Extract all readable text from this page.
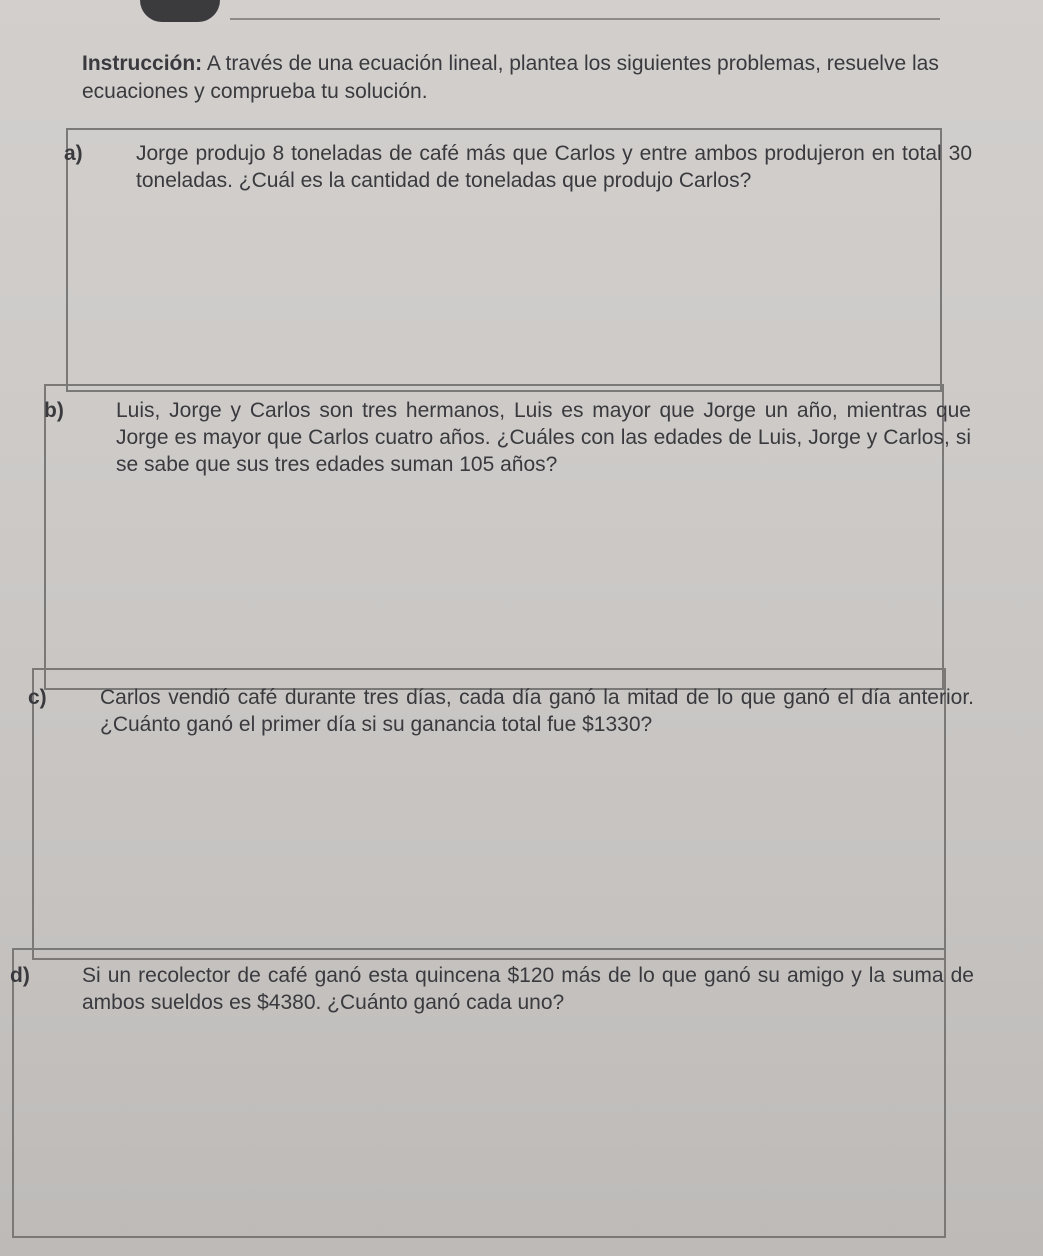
Instrucción: A través de una ecuación lineal, plantea los siguientes problemas, resuelve las ecuaciones y comprueba tu solución.

a)	Jorge produjo 8 toneladas de café más que Carlos y entre ambos produjeron en total 30 toneladas. ¿Cuál es la cantidad de toneladas que produjo Carlos?

b) Luis, Jorge y Carlos son tres hermanos, Luis es mayor que Jorge un año, mientras que Jorge es mayor que Carlos cuatro años. ¿Cuáles con las edades de Luis, Jorge y Carlos, si se sabe que sus tres edades suman 105 años?

c)	Carlos vendió café durante tres días, cada día ganó la mitad de lo que ganó el día anterior. ¿Cuánto ganó el primer día si su ganancia total fue $1330?

d) Si un recolector de café ganó esta quincena $120 más de lo que ganó su amigo y la suma de ambos sueldos es $4380. ¿Cuánto ganó cada uno?
